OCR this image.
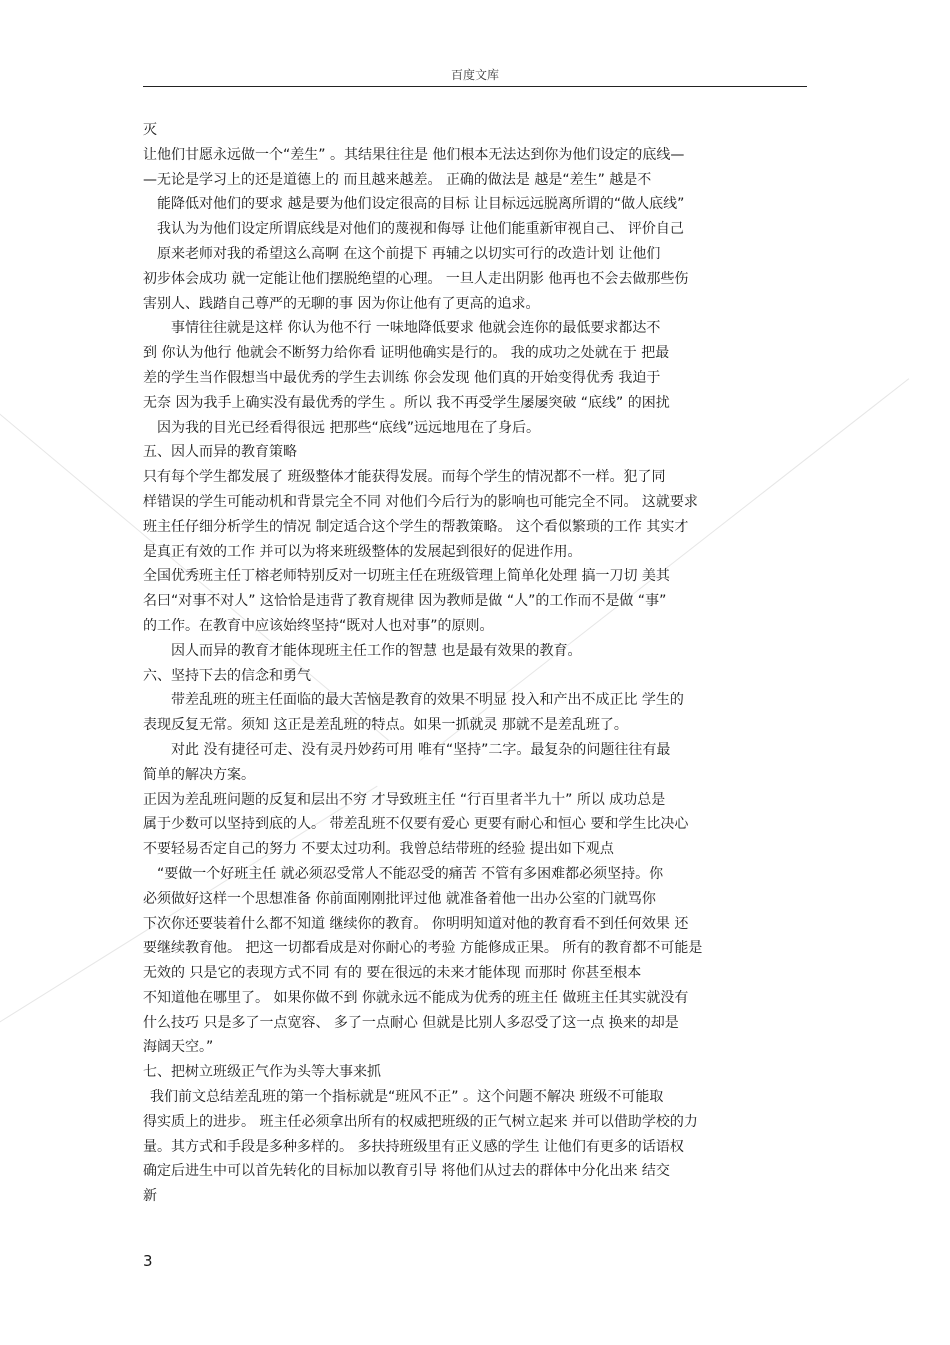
百度文库
灭
让他们甘愿永远做一个“差生” 。其结果往往是 他们根本无法达到你为他们设定的底线—
—无论是学习上的还是道德上的 而且越来越差。 正确的做法是 越是“差生” 越是不
能降低对他们的要求 越是要为他们设定很高的目标 让目标远远脱离所谓的“做人底线”
我认为为他们设定所谓底线是对他们的蔑视和侮辱 让他们能重新审视自己、 评价自己
原来老师对我的希望这么高啊 在这个前提下 再辅之以切实可行的改造计划 让他们
初步体会成功 就一定能让他们摆脱绝望的心理。 一旦人走出阴影 他再也不会去做那些伤
害别人、践踏自己尊严的无聊的事 因为你让他有了更高的追求。
事情往往就是这样 你认为他不行 一味地降低要求 他就会连你的最低要求都达不
到 你认为他行 他就会不断努力给你看 证明他确实是行的。 我的成功之处就在于 把最
差的学生当作假想当中最优秀的学生去训练 你会发现 他们真的开始变得优秀 我迫于
无奈 因为我手上确实没有最优秀的学生 。所以 我不再受学生屡屡突破 “底线” 的困扰
因为我的目光已经看得很远 把那些“底线”远远地甩在了身后。
五、因人而异的教育策略
只有每个学生都发展了 班级整体才能获得发展。而每个学生的情况都不一样。犯了同
样错误的学生可能动机和背景完全不同 对他们今后行为的影响也可能完全不同。 这就要求
班主任仔细分析学生的情况 制定适合这个学生的帮教策略。 这个看似繁琐的工作 其实才
是真正有效的工作 并可以为将来班级整体的发展起到很好的促进作用。
全国优秀班主任丁榕老师特别反对一切班主任在班级管理上简单化处理 搞一刀切 美其
名曰“对事不对人” 这恰恰是违背了教育规律 因为教师是做 “人”的工作而不是做 “事”
的工作。在教育中应该始终坚持“既对人也对事”的原则。
因人而异的教育才能体现班主任工作的智慧 也是最有效果的教育。
六、坚持下去的信念和勇气
带差乱班的班主任面临的最大苦恼是教育的效果不明显 投入和产出不成正比 学生的
表现反复无常。须知 这正是差乱班的特点。如果一抓就灵 那就不是差乱班了。
对此 没有捷径可走、没有灵丹妙药可用 唯有“坚持”二字。最复杂的问题往往有最
简单的解决方案。
正因为差乱班问题的反复和层出不穷 才导致班主任 “行百里者半九十” 所以 成功总是
属于少数可以坚持到底的人。 带差乱班不仅要有爱心 更要有耐心和恒心 要和学生比决心
不要轻易否定自己的努力 不要太过功利。我曾总结带班的经验 提出如下观点
“要做一个好班主任 就必须忍受常人不能忍受的痛苦 不管有多困难都必须坚持。你
必须做好这样一个思想准备 你前面刚刚批评过他 就准备着他一出办公室的门就骂你
下次你还要装着什么都不知道 继续你的教育。 你明明知道对他的教育看不到任何效果 还
要继续教育他。 把这一切都看成是对你耐心的考验 方能修成正果。 所有的教育都不可能是
无效的 只是它的表现方式不同 有的 要在很远的未来才能体现 而那时 你甚至根本
不知道他在哪里了。 如果你做不到 你就永远不能成为优秀的班主任 做班主任其实就没有
什么技巧 只是多了一点宽容、 多了一点耐心 但就是比别人多忍受了这一点 换来的却是
海阔天空。”
七、把树立班级正气作为头等大事来抓
我们前文总结差乱班的第一个指标就是“班风不正” 。这个问题不解决 班级不可能取
得实质上的进步。 班主任必须拿出所有的权威把班级的正气树立起来 并可以借助学校的力
量。其方式和手段是多种多样的。 多扶持班级里有正义感的学生 让他们有更多的话语权
确定后进生中可以首先转化的目标加以教育引导 将他们从过去的群体中分化出来 结交
新
3
